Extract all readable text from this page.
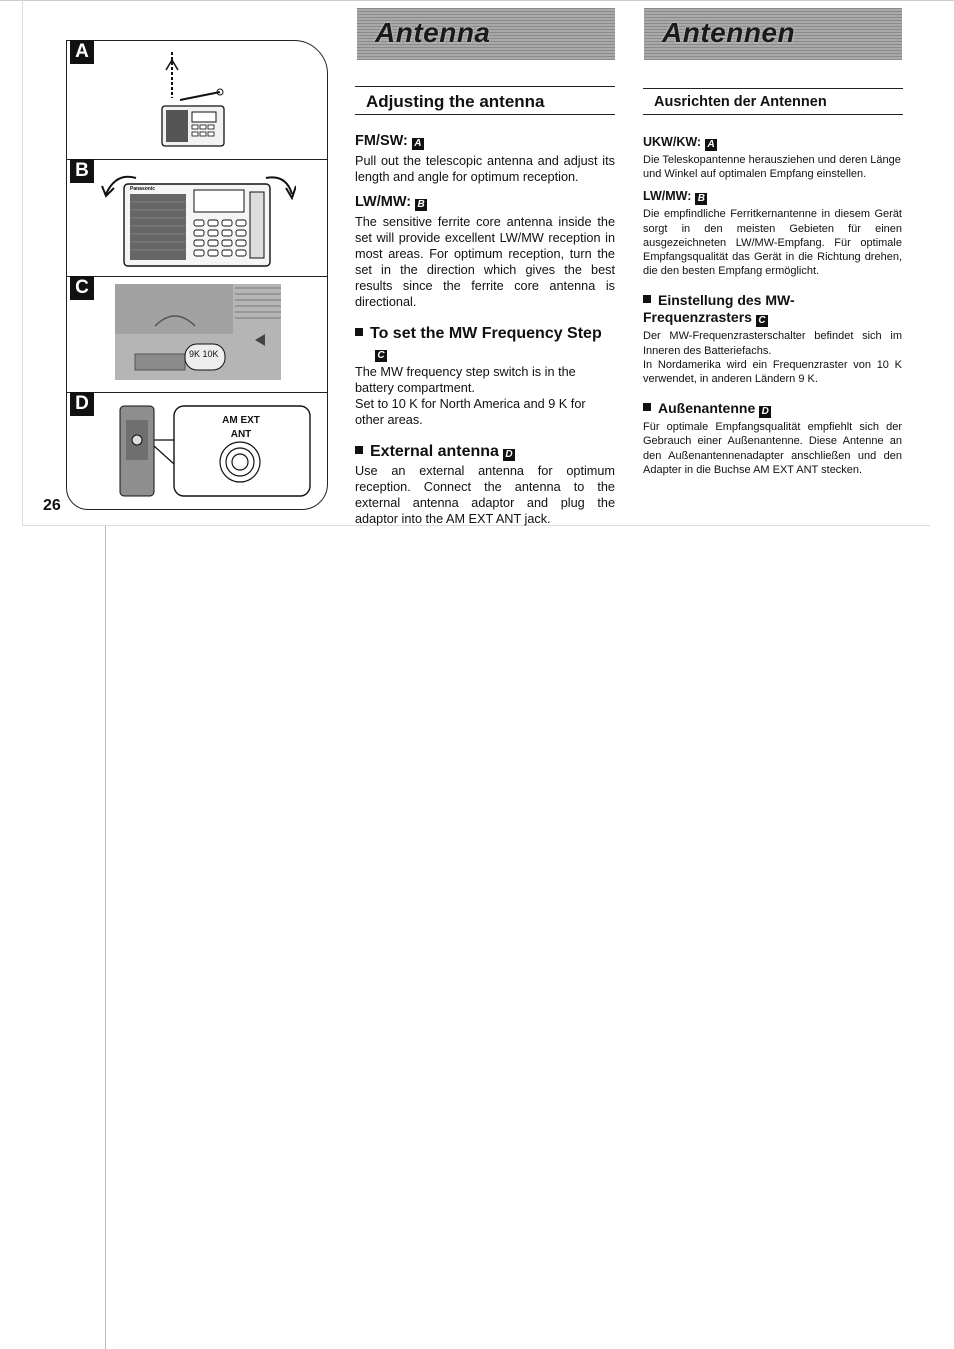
A
B
C
D
Panasonic
9K 10K
AM EXT
ANT
26
Antenna
Adjusting the antenna

FM/SW: A

Pull out the telescopic antenna and adjust its length and angle for optimum reception.

LW/MW: B

The sensitive ferrite core antenna inside the set will provide excellent LW/MW reception in most areas. For optimum reception, turn the set in the direction which gives the best results since the ferrite core antenna is directional.

To set the MW Frequency Step
C

The MW frequency step switch is in the battery compartment.

Set to 10 K for North America and 9 K for other areas.

External antenna D

Use an external antenna for optimum reception. Connect the antenna to the external antenna adaptor and plug the adaptor into the AM EXT ANT jack.

Antennen
Ausrichten der Antennen

UKW/KW: A

Die Teleskopantenne herausziehen und deren Länge und Winkel auf optimalen Empfang einstellen.

LW/MW: B

Die empfindliche Ferritkernantenne in diesem Gerät sorgt in den meisten Gebieten für einen ausgezeichneten LW/MW-Empfang. Für optimale Empfangsqualität das Gerät in die Richtung drehen, die den besten Empfang ermöglicht.

Einstellung des MW-Frequenzrasters C

Der MW-Frequenzrasterschalter befindet sich im Inneren des Batteriefachs.

In Nordamerika wird ein Frequenzraster von 10 K verwendet, in anderen Ländern 9 K.

Außenantenne D

Für optimale Empfangsqualität empfiehlt sich der Gebrauch einer Außenantenne. Diese Antenne an den Außenantennenadapter anschließen und den Adapter in die Buchse AM EXT ANT stecken.
